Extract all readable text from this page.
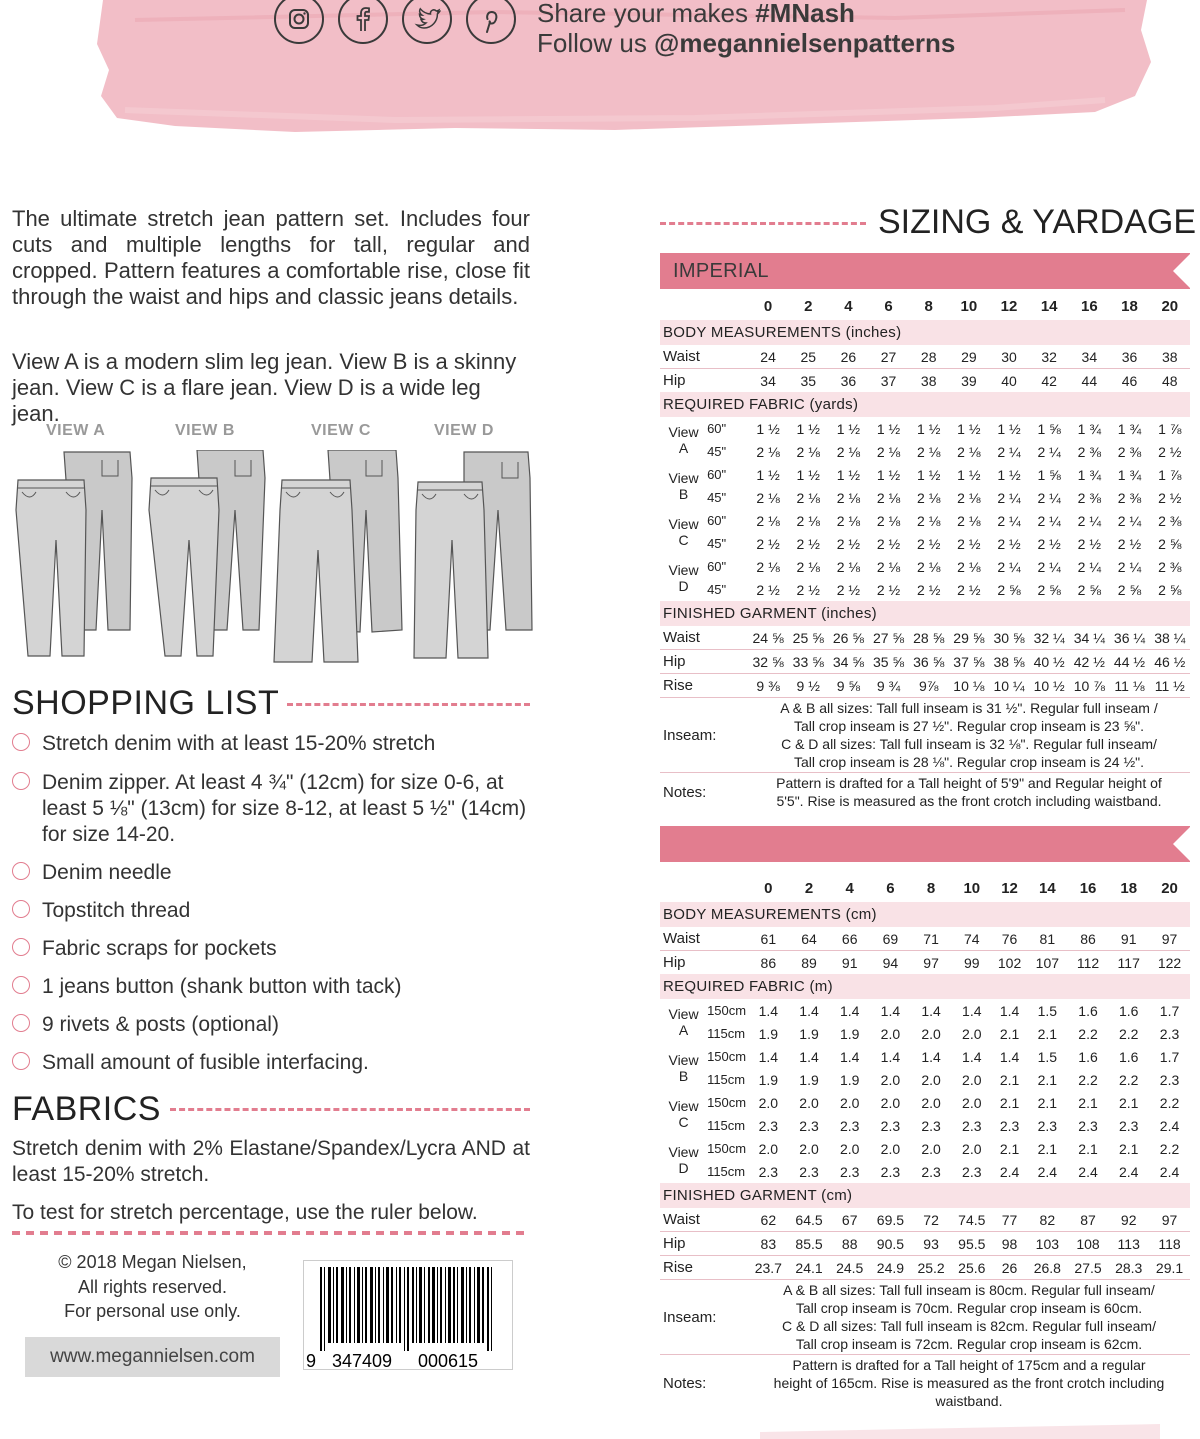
Share your makes #MNash
Follow us @megannielsenpatterns
The ultimate stretch jean pattern set. Includes four cuts and multiple lengths for tall, regular and cropped. Pattern features a comfortable rise, close fit through the waist and hips and classic jeans details.
View A is a modern slim leg jean. View B is a skinny jean. View C is a flare jean. View D is a wide leg jean.
VIEW A	VIEW B	VIEW C	VIEW D
SHOPPING LIST
Stretch denim with at least 15-20% stretch
Denim zipper. At least 4 ¾" (12cm) for size 0-6, at least 5 ⅛" (13cm) for size 8-12, at least 5 ½" (14cm) for size 14-20.
Denim needle
Topstitch thread
Fabric scraps for pockets
1 jeans button (shank button with tack)
9 rivets & posts (optional)
Small amount of fusible interfacing.
FABRICS
Stretch denim with 2% Elastane/Spandex/Lycra AND at least 15-20% stretch.
To test for stretch percentage, use the ruler below.
© 2018 Megan Nielsen,
All rights reserved.
For personal use only.
www.megannielsen.com	9 347409 000615
SIZING & YARDAGE
IMPERIAL
		0	2	4	6	8	10	12	14	16	18	20
BODY MEASUREMENTS (inches)												
Waist		24	25	26	27	28	29	30	32	34	36	38
Hip		34	35	36	37	38	39	40	42	44	46	48
REQUIRED FABRIC (yards)												
View
A	60"	1 ½	1 ½	1 ½	1 ½	1 ½	1 ½	1 ½	1 ⅝	1 ¾	1 ¾	1 ⅞
	45"	2 ⅛	2 ⅛	2 ⅛	2 ⅛	2 ⅛	2 ⅛	2 ¼	2 ¼	2 ⅜	2 ⅜	2 ½
View
B	60"	1 ½	1 ½	1 ½	1 ½	1 ½	1 ½	1 ½	1 ⅝	1 ¾	1 ¾	1 ⅞
	45"	2 ⅛	2 ⅛	2 ⅛	2 ⅛	2 ⅛	2 ⅛	2 ¼	2 ¼	2 ⅜	2 ⅜	2 ½
View
C	60"	2 ⅛	2 ⅛	2 ⅛	2 ⅛	2 ⅛	2 ⅛	2 ¼	2 ¼	2 ¼	2 ¼	2 ⅜
	45"	2 ½	2 ½	2 ½	2 ½	2 ½	2 ½	2 ½	2 ½	2 ½	2 ½	2 ⅝
View
D	60"	2 ⅛	2 ⅛	2 ⅛	2 ⅛	2 ⅛	2 ⅛	2 ¼	2 ¼	2 ¼	2 ¼	2 ⅜
	45"	2 ½	2 ½	2 ½	2 ½	2 ½	2 ½	2 ⅝	2 ⅝	2 ⅝	2 ⅝	2 ⅝
FINISHED GARMENT (inches)												
Waist		24 ⅝	25 ⅝	26 ⅝	27 ⅝	28 ⅝	29 ⅝	30 ⅝	32 ¼	34 ¼	36 ¼	38 ¼
Hip		32 ⅝	33 ⅝	34 ⅝	35 ⅝	36 ⅝	37 ⅝	38 ⅝	40 ½	42 ½	44 ½	46 ½
Rise		9 ⅜	9 ½	9 ⅝	9 ¾	9⅞	10 ⅛	10 ¼	10 ½	10 ⅞	11 ⅛	11 ½
Inseam:		A & B all sizes: Tall full inseam is 31 ½". Regular full inseam /
Tall crop inseam is 27 ½". Regular crop inseam is 23 ⅝".
C & D all sizes: Tall full inseam is 32 ⅛". Regular full inseam/
Tall crop inseam is 28 ⅛". Regular crop inseam is 24 ½".										

Notes:		Pattern is drafted for a Tall height of 5'9" and Regular height of
5'5". Rise is measured as the front crotch including waistband.										
		0	2	4	6	8	10	12	14	16	18	20
BODY MEASUREMENTS (cm)												
Waist		61	64	66	69	71	74	76	81	86	91	97
Hip		86	89	91	94	97	99	102	107	112	117	122
REQUIRED FABRIC (m)												
View
A	150cm	1.4	1.4	1.4	1.4	1.4	1.4	1.4	1.5	1.6	1.6	1.7
	115cm	1.9	1.9	1.9	2.0	2.0	2.0	2.1	2.1	2.2	2.2	2.3
View
B	150cm	1.4	1.4	1.4	1.4	1.4	1.4	1.4	1.5	1.6	1.6	1.7
	115cm	1.9	1.9	1.9	2.0	2.0	2.0	2.1	2.1	2.2	2.2	2.3
View
C	150cm	2.0	2.0	2.0	2.0	2.0	2.0	2.1	2.1	2.1	2.1	2.2
	115cm	2.3	2.3	2.3	2.3	2.3	2.3	2.3	2.3	2.3	2.3	2.4
View
D	150cm	2.0	2.0	2.0	2.0	2.0	2.0	2.1	2.1	2.1	2.1	2.2
	115cm	2.3	2.3	2.3	2.3	2.3	2.3	2.4	2.4	2.4	2.4	2.4
FINISHED GARMENT (cm)												
Waist		62	64.5	67	69.5	72	74.5	77	82	87	92	97
Hip		83	85.5	88	90.5	93	95.5	98	103	108	113	118
Rise		23.7	24.1	24.5	24.9	25.2	25.6	26	26.8	27.5	28.3	29.1
Inseam:		A & B all sizes: Tall full inseam is 80cm. Regular full inseam/
Tall crop inseam is 70cm. Regular crop inseam is 60cm.
C & D all sizes: Tall full inseam is 82cm. Regular full inseam/
Tall crop inseam is 72cm. Regular crop inseam is 62cm.										

Notes:		Pattern is drafted for a Tall height of 175cm and a regular
height of 165cm. Rise is measured as the front crotch including
waistband.										
